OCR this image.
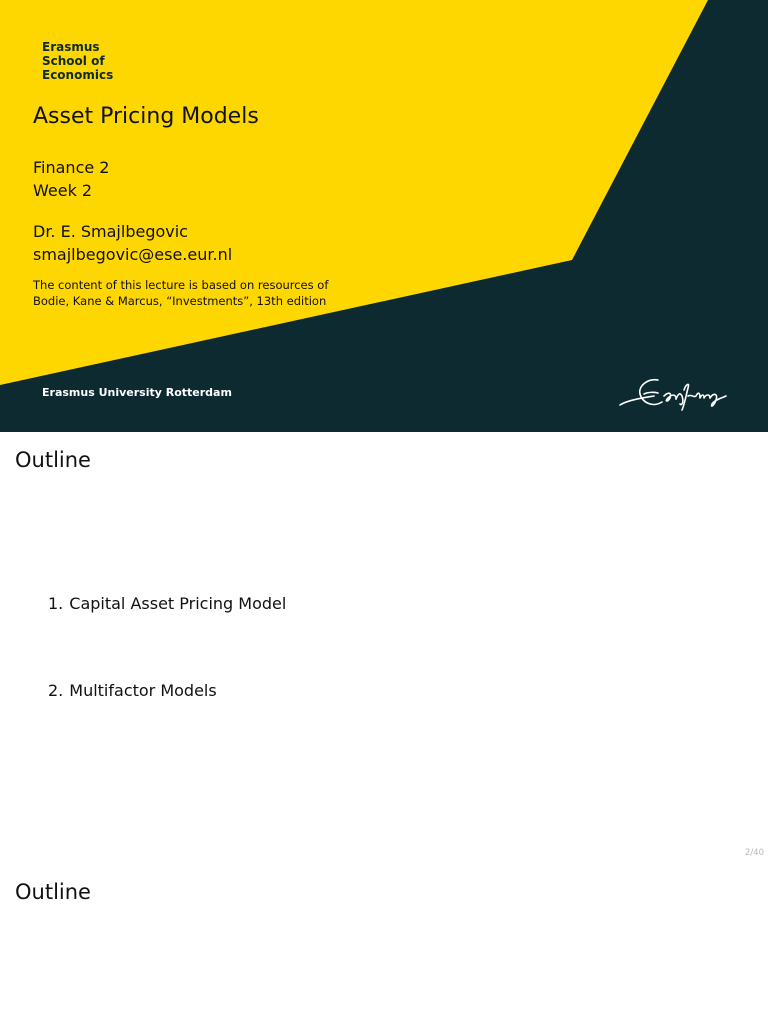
Erasmus
School of
Economics
Asset Pricing Models
Finance 2
Week 2
Dr. E. Smajlbegovic
smajlbegovic@ese.eur.nl
The content of this lecture is based on resources of
Bodie, Kane & Marcus, “Investments”, 13th edition
Erasmus University Rotterdam
Outline
1. Capital Asset Pricing Model
2. Multifactor Models
2/40
Outline
